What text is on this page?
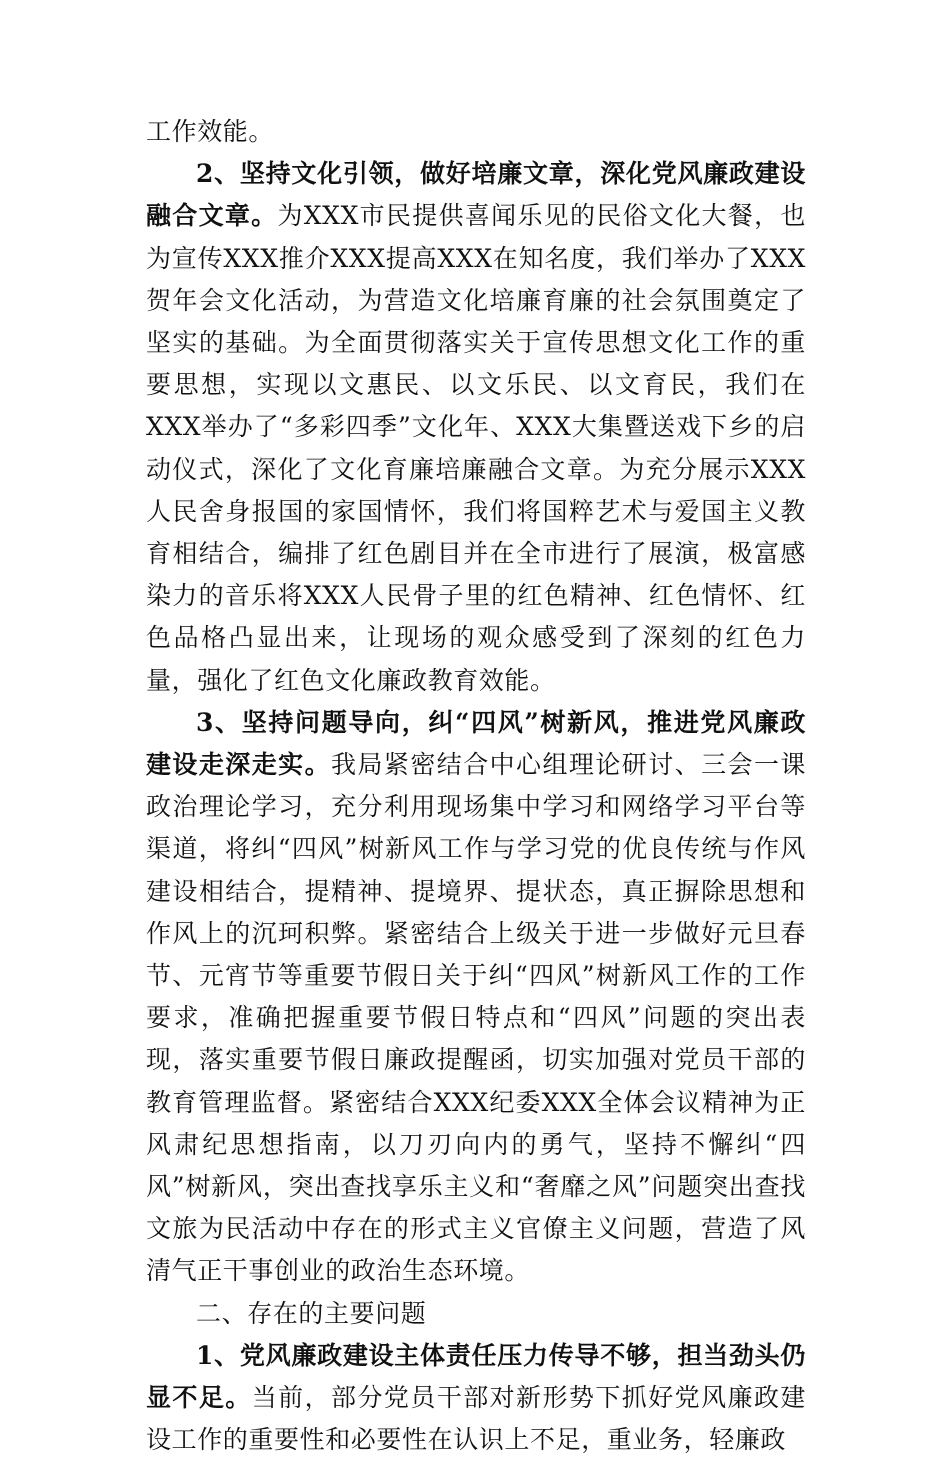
工作效能。

2、坚持文化引领，做好培廉文章，深化党风廉政建设融合文章。为XXX市民提供喜闻乐见的民俗文化大餐，也为宣传XXX推介XXX提高XXX在知名度，我们举办了XXX贺年会文化活动，为营造文化培廉育廉的社会氛围奠定了坚实的基础。为全面贯彻落实关于宣传思想文化工作的重要思想，实现以文惠民、以文乐民、以文育民，我们在XXX举办了“多彩四季”文化年、XXX大集暨送戏下乡的启动仪式，深化了文化育廉培廉融合文章。为充分展示XXX人民舍身报国的家国情怀，我们将国粹艺术与爱国主义教育相结合，编排了红色剧目并在全市进行了展演，极富感染力的音乐将XXX人民骨子里的红色精神、红色情怀、红色品格凸显出来，让现场的观众感受到了深刻的红色力量，强化了红色文化廉政教育效能。

3、坚持问题导向，纠“四风”树新风，推进党风廉政建设走深走实。我局紧密结合中心组理论研讨、三会一课政治理论学习，充分利用现场集中学习和网络学习平台等渠道，将纠“四风”树新风工作与学习党的优良传统与作风建设相结合，提精神、提境界、提状态，真正摒除思想和作风上的沉珂积弊。紧密结合上级关于进一步做好元旦春节、元宵节等重要节假日关于纠“四风”树新风工作的工作要求，准确把握重要节假日特点和“四风”问题的突出表现，落实重要节假日廉政提醒函，切实加强对党员干部的教育管理监督。紧密结合XXX纪委XXX全体会议精神为正风肃纪思想指南，以刀刃向内的勇气，坚持不懈纠“四风”树新风，突出查找享乐主义和“奢靡之风”问题突出查找文旅为民活动中存在的形式主义官僚主义问题，营造了风清气正干事创业的政治生态环境。

二、存在的主要问题

1、党风廉政建设主体责任压力传导不够，担当劲头仍显不足。当前，部分党员干部对新形势下抓好党风廉政建设工作的重要性和必要性在认识上不足，重业务，轻廉政
